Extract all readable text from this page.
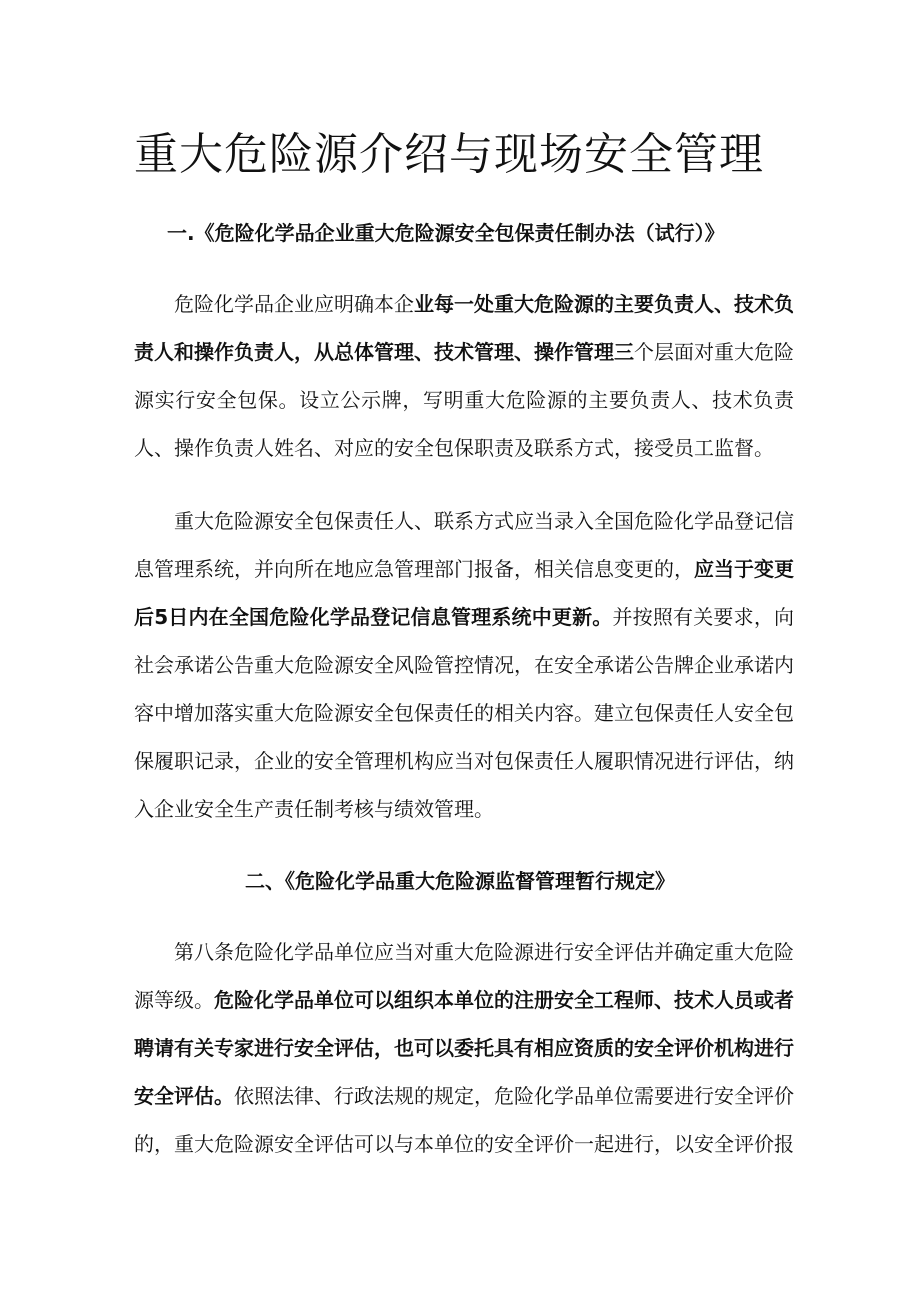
重大危险源介绍与现场安全管理
一.《危险化学品企业重大危险源安全包保责任制办法（试行）》

危险化学品企业应明确本企业每一处重大危险源的主要负责人、技术负责人和操作负责人，从总体管理、技术管理、操作管理三个层面对重大危险源实行安全包保。设立公示牌，写明重大危险源的主要负责人、技术负责人、操作负责人姓名、对应的安全包保职责及联系方式，接受员工监督。

重大危险源安全包保责任人、联系方式应当录入全国危险化学品登记信息管理系统，并向所在地应急管理部门报备，相关信息变更的，应当于变更后5日内在全国危险化学品登记信息管理系统中更新。并按照有关要求，向社会承诺公告重大危险源安全风险管控情况，在安全承诺公告牌企业承诺内容中增加落实重大危险源安全包保责任的相关内容。建立包保责任人安全包保履职记录，企业的安全管理机构应当对包保责任人履职情况进行评估，纳入企业安全生产责任制考核与绩效管理。

二、《危险化学品重大危险源监督管理暂行规定》

第八条危险化学品单位应当对重大危险源进行安全评估并确定重大危险源等级。危险化学品单位可以组织本单位的注册安全工程师、技术人员或者聘请有关专家进行安全评估，也可以委托具有相应资质的安全评价机构进行安全评估。依照法律、行政法规的规定，危险化学品单位需要进行安全评价的，重大危险源安全评估可以与本单位的安全评价一起进行，以安全评价报
